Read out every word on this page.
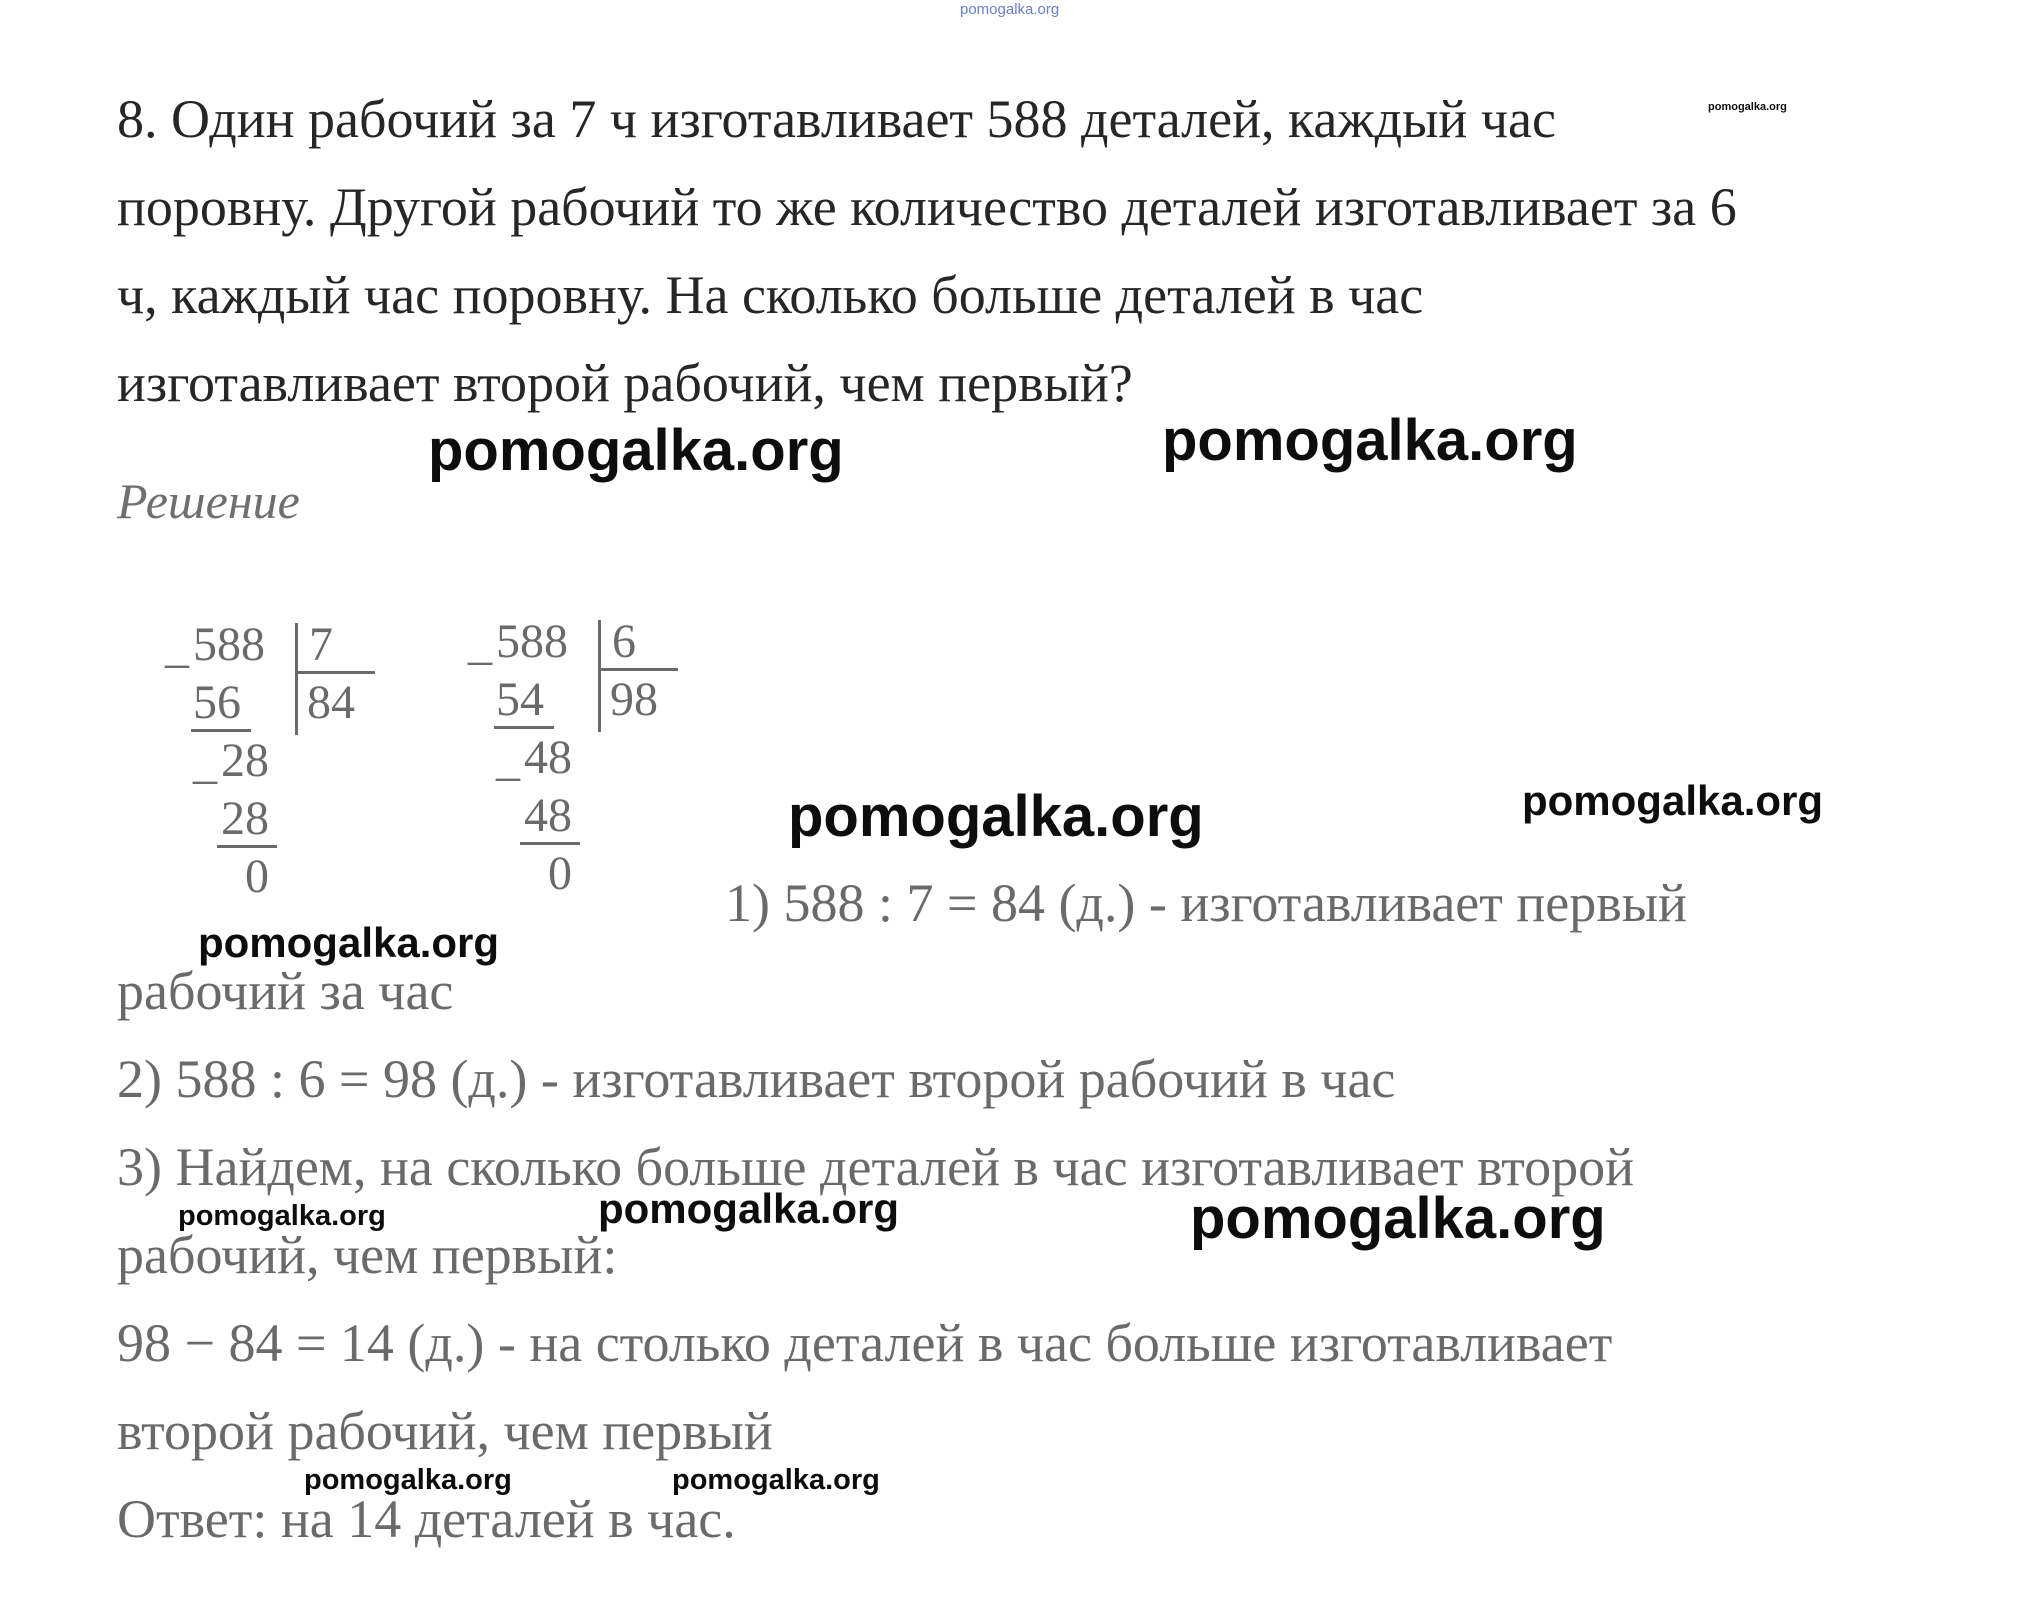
pomogalka.org
8. Один рабочий за 7 ч изготавливает 588 деталей, каждый час	pomogalka.org
поровну. Другой рабочий то же количество деталей изготавливает за 6
ч, каждый час поровну. На сколько больше деталей в час
изготавливает второй рабочий, чем первый?
Решение
_ 588 7
56 84
_ 28
28
0
_ 588 6
54 98
_ 48
48
0	1) 588 : 7 = 84 (д.) - изготавливает первый
рабочий за час
2) 588 : 6 = 98 (д.) - изготавливает второй рабочий в час
3) Найдем, на сколько больше деталей в час изготавливает второй
рабочий, чем первый:
98 − 84 = 14 (д.) - на столько деталей в час больше изготавливает
второй рабочий, чем первый
Ответ: на 14 деталей в час.
pomogalka.org	pomogalka.org
pomogalka.org	pomogalka.org
pomogalka.org
pomogalka.org	pomogalka.org	pomogalka.org
pomogalka.org	pomogalka.org
